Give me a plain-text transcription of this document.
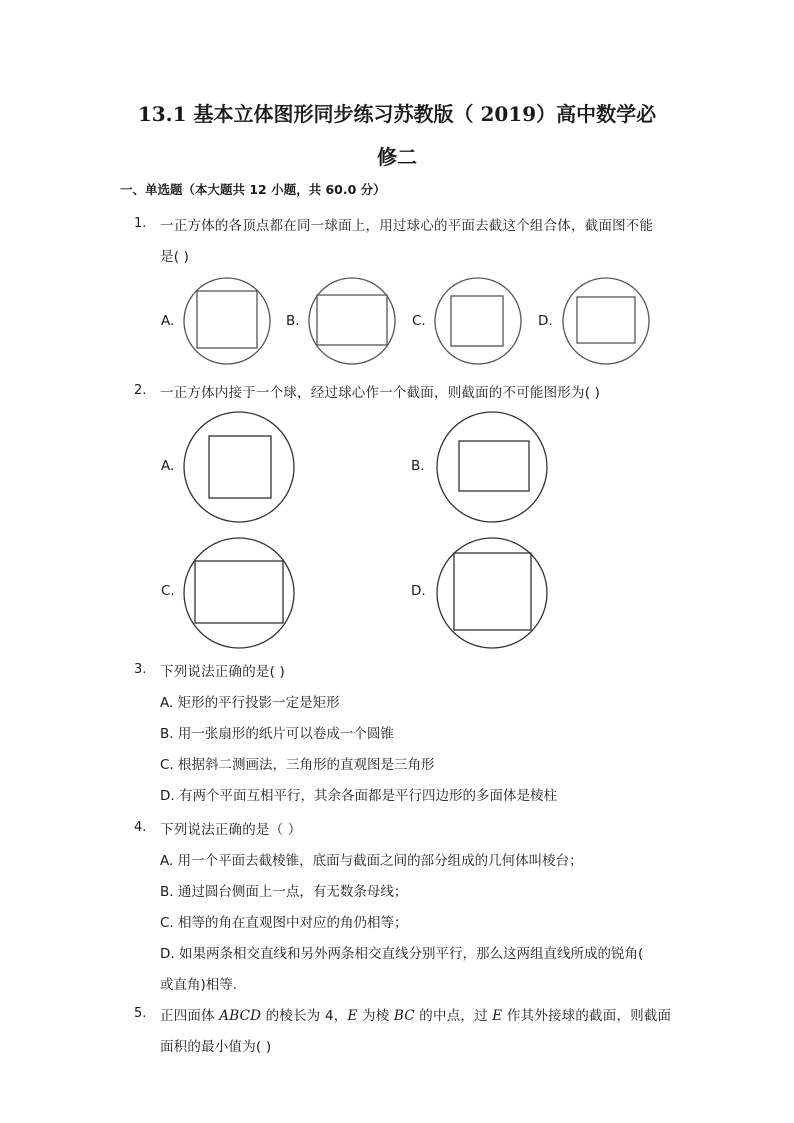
13.1 基本立体图形同步练习苏教版（ 2019）高中数学必
修二
一、单选题（本大题共 12 小题，共 60.0 分）
1. 一正方体的各顶点都在同一球面上，用过球心的平面去截这个组合体，截面图不能
是( )
A.	B.	C.	D.
2. 一正方体内接于一个球，经过球心作一个截面，则截面的不可能图形为( )
A.	B.
C.	D.
3. 下列说法正确的是( )
A. 矩形的平行投影一定是矩形
B. 用一张扇形的纸片可以卷成一个圆锥
C. 根据斜二测画法，三角形的直观图是三角形
D. 有两个平面互相平行，其余各面都是平行四边形的多面体是棱柱
4. 下列说法正确的是（ ）
A. 用一个平面去截棱锥，底面与截面之间的部分组成的几何体叫棱台；
B. 通过圆台侧面上一点，有无数条母线；
C. 相等的角在直观图中对应的角仍相等；
D. 如果两条相交直线和另外两条相交直线分别平行，那么这两组直线所成的锐角(
或直角)相等．
5. 正四面体 ABCD 的棱长为 4，E 为棱 BC 的中点，过 E 作其外接球的截面，则截面
面积的最小值为( )
